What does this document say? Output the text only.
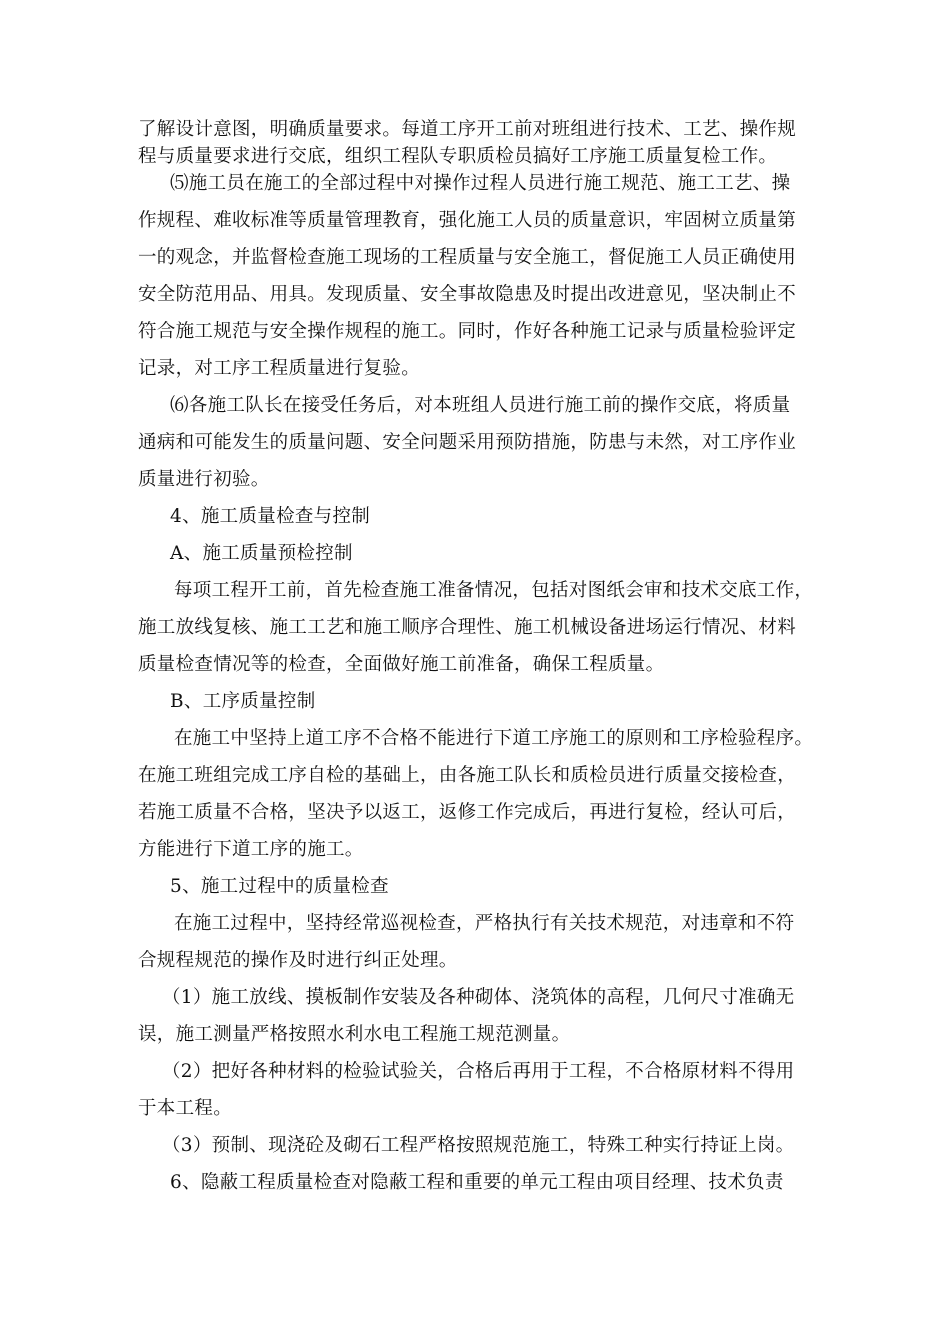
了解设计意图，明确质量要求。每道工序开工前对班组进行技术、工艺、操作规
程与质量要求进行交底，组织工程队专职质检员搞好工序施工质量复检工作。
⑸施工员在施工的全部过程中对操作过程人员进行施工规范、施工工艺、操
作规程、难收标准等质量管理教育，强化施工人员的质量意识，牢固树立质量第
一的观念，并监督检查施工现场的工程质量与安全施工，督促施工人员正确使用
安全防范用品、用具。发现质量、安全事故隐患及时提出改进意见，坚决制止不
符合施工规范与安全操作规程的施工。同时，作好各种施工记录与质量检验评定
记录，对工序工程质量进行复验。
⑹各施工队长在接受任务后，对本班组人员进行施工前的操作交底，将质量
通病和可能发生的质量问题、安全问题采用预防措施，防患与未然，对工序作业
质量进行初验。
4、施工质量检查与控制
A、施工质量预检控制
每项工程开工前，首先检查施工准备情况，包括对图纸会审和技术交底工作，
施工放线复核、施工工艺和施工顺序合理性、施工机械设备进场运行情况、材料
质量检查情况等的检查，全面做好施工前准备，确保工程质量。
B、工序质量控制
在施工中坚持上道工序不合格不能进行下道工序施工的原则和工序检验程序。
在施工班组完成工序自检的基础上，由各施工队长和质检员进行质量交接检查，
若施工质量不合格，坚决予以返工，返修工作完成后，再进行复检，经认可后，
方能进行下道工序的施工。
5、施工过程中的质量检查
在施工过程中，坚持经常巡视检查，严格执行有关技术规范，对违章和不符
合规程规范的操作及时进行纠正处理。
（1）施工放线、摸板制作安装及各种砌体、浇筑体的高程，几何尺寸准确无
误，施工测量严格按照水利水电工程施工规范测量。
（2）把好各种材料的检验试验关，合格后再用于工程，不合格原材料不得用
于本工程。
（3）预制、现浇砼及砌石工程严格按照规范施工，特殊工种实行持证上岗。
6、隐蔽工程质量检查对隐蔽工程和重要的单元工程由项目经理、技术负责
